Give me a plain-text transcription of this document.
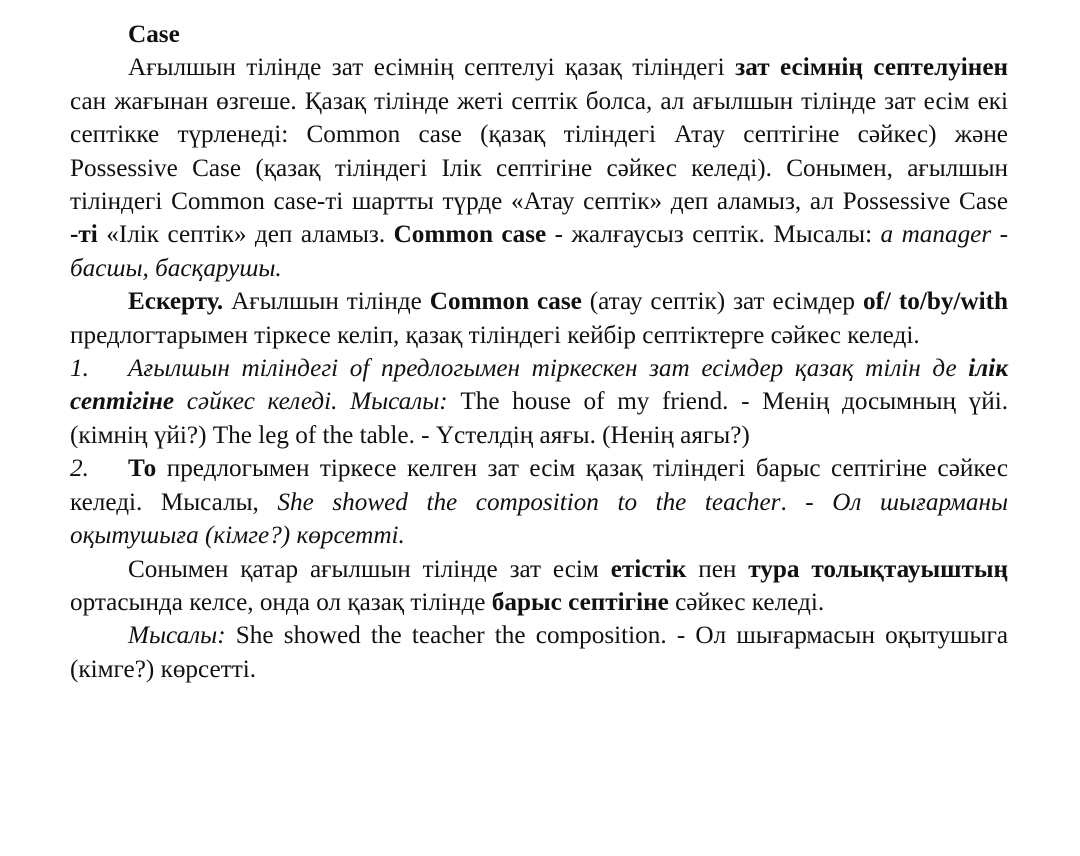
Case

Ағылшын тілінде зат есімнің септелуі қазақ тіліндегі зат есімнің септелуінен сан жағынан өзгеше. Қазақ тілінде жеті септік болса, ал ағылшын тілінде зат есім екі септікке түрленеді: Common case (қазақ тіліндегі Атау септігіне сәйкес) және Possessive Case (қазақ тіліндегі Ілік септігіне сәйкес келеді). Сонымен, ағылшын тіліндегі Common case-ті шартты түрде «Атау септік» деп аламыз, ал Possessive Case -ті «Ілік септік» деп аламыз. Common case - жалғаусыз септік. Мысалы: a manager - басшы, басқарушы.

Ескерту. Ағылшын тілінде Common case (атау септік) зат есімдер of/ to/by/with предлогтарымен тіркесе келіп, қазақ тіліндегі кейбір септіктерге сәйкес келеді.

1. Ағылшын тіліндегі of предлогымен тіркескен зат есімдер қазақ тілін де ілік септігіне сәйкес келеді. Мысалы: The house of my friend. - Менің досымның үйі. (кімнің үйі?) The leg of the table. - Үстелдің аяғы. (Ненің аягы?)

2. То предлогымен тіркесе келген зат есім қазақ тіліндегі барыс септігіне сәйкес келеді. Мысалы, She showed the composition to the teacher. - Ол шығарманы оқытушыға (кімге?) көрсетті.

Сонымен қатар ағылшын тілінде зат есім етістік пен тура толықтауыштың ортасында келсе, онда ол қазақ тілінде барыс септігіне сәйкес келеді.

Мысалы: She showed the teacher the composition. - Ол шығармасын оқытушыга (кімге?) көрсетті.
